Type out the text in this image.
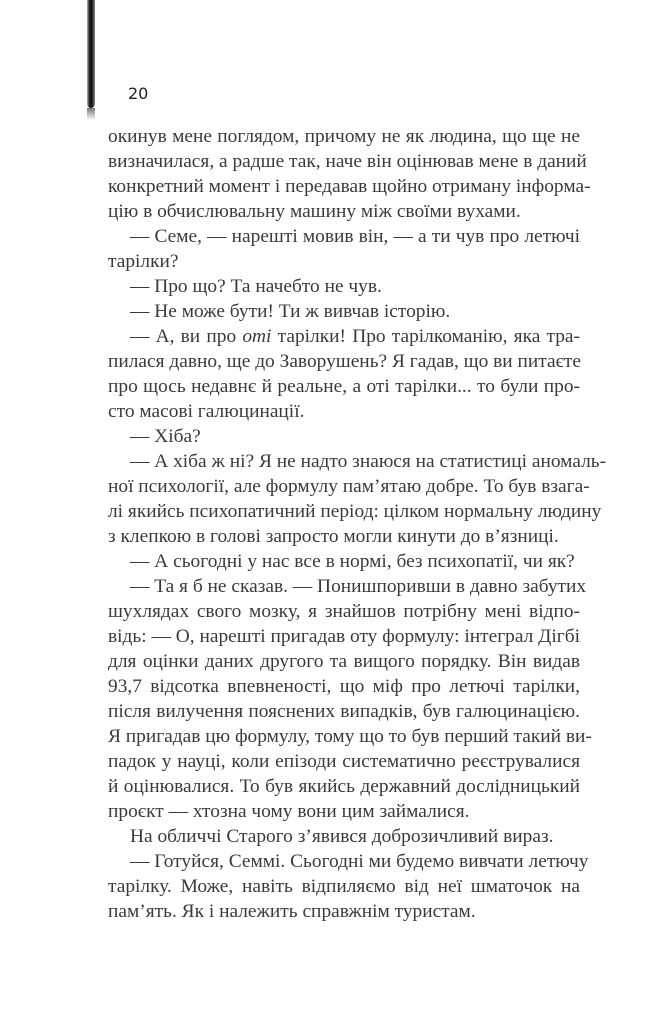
20
окинув мене поглядом, причому не як людина, що ще не
визначилася, а радше так, наче він оцінював мене в даний
конкретний момент і передавав щойно отриману інформа-
цію в обчислювальну машину між своїми вухами.
— Семе, — нарешті мовив він, — а ти чув про летючі
тарілки?
— Про що? Та начебто не чув.
— Не може бути! Ти ж вивчав історію.
— А, ви про оті тарілки! Про тарілкоманію, яка тра-
пилася давно, ще до Заворушень? Я гадав, що ви питаєте
про щось недавнє й реальне, а оті тарілки... то були про-
сто масові галюцинації.
— Хіба?
— А хіба ж ні? Я не надто знаюся на статистиці аномаль-
ної психології, але формулу пам’ятаю добре. То був взага-
лі якийсь психопатичний період: цілком нормальну людину
з клепкою в голові запросто могли кинути до в’язниці.
— А сьогодні у нас все в нормі, без психопатії, чи як?
— Та я б не сказав. — Понишпоривши в давно забутих
шухлядах свого мозку, я знайшов потрібну мені відпо-
відь: — О, нарешті пригадав оту формулу: інтеграл Дігбі
для оцінки даних другого та вищого порядку. Він видав
93,7 відсотка впевненості, що міф про летючі тарілки,
після вилучення пояснених випадків, був галюцинацією.
Я пригадав цю формулу, тому що то був перший такий ви-
падок у науці, коли епізоди систематично реєструвалися
й оцінювалися. То був якийсь державний дослідницький
проєкт — хтозна чому вони цим займалися.
На обличчі Старого з’явився доброзичливий вираз.
— Готуйся, Семмі. Сьогодні ми будемо вивчати летючу
тарілку. Може, навіть відпиляємо від неї шматочок на
пам’ять. Як і належить справжнім туристам.
